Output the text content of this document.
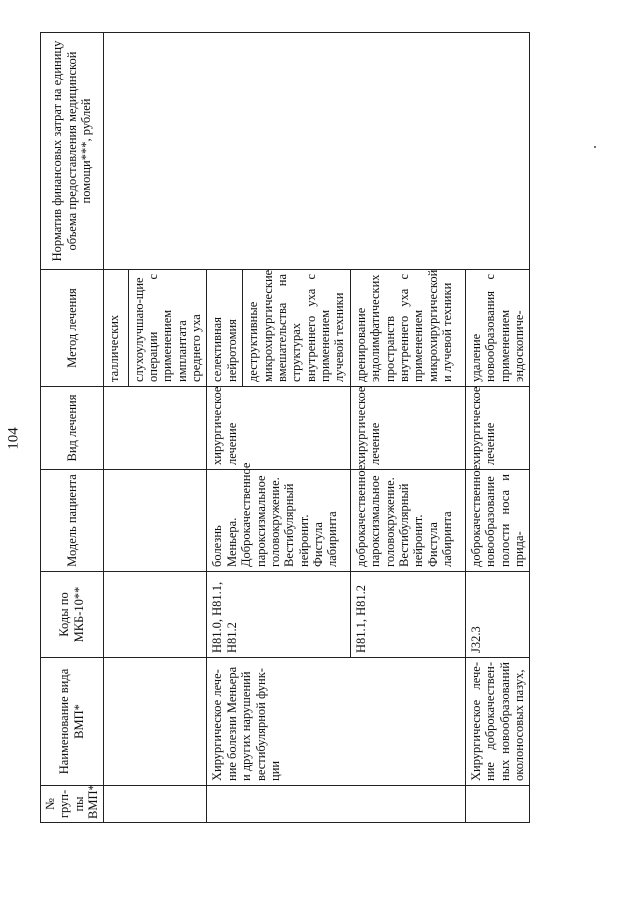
104
№ груп-пы ВМП*	Наименование вида ВМП*	Коды по МКБ-10**	Модель пациента	Вид лечения	Метод лечения	Норматив финансовых затрат на единицу объема предоставления медицинской помощи***, рублей
					таллических	
					слухоулучшаю-щие операции с применением имплантата среднего уха	
	Хирургическое лече-ние болезни Меньера и других нарушений вестибулярной функ-ции	H81.0, H81.1, H81.2	болезнь Меньера. Доброкачественное пароксизмальное головокружение. Вестибулярный нейронит. Фистула лабиринта	хирургическое лечение	селективная нейротомия	
					деструктивные микрохирургические вмешательства на структурах внутреннего уха с применением лучевой техники	
		H81.1, H81.2	доброкачественное пароксизмальное головокружение. Вестибулярный нейронит. Фистула лабиринта	хирургическое лечение	дренирование эндолимфатических пространств внутреннего уха с применением микрохирургической и лучевой техники	
	Хирургическое лече-ние доброкачествен-ных новообразований околоносовых пазух,	J32.3	доброкачественное новообразование полости носа и прида-	хирургическое лечение	удаление новообразования с применением эндоскопиче-	
